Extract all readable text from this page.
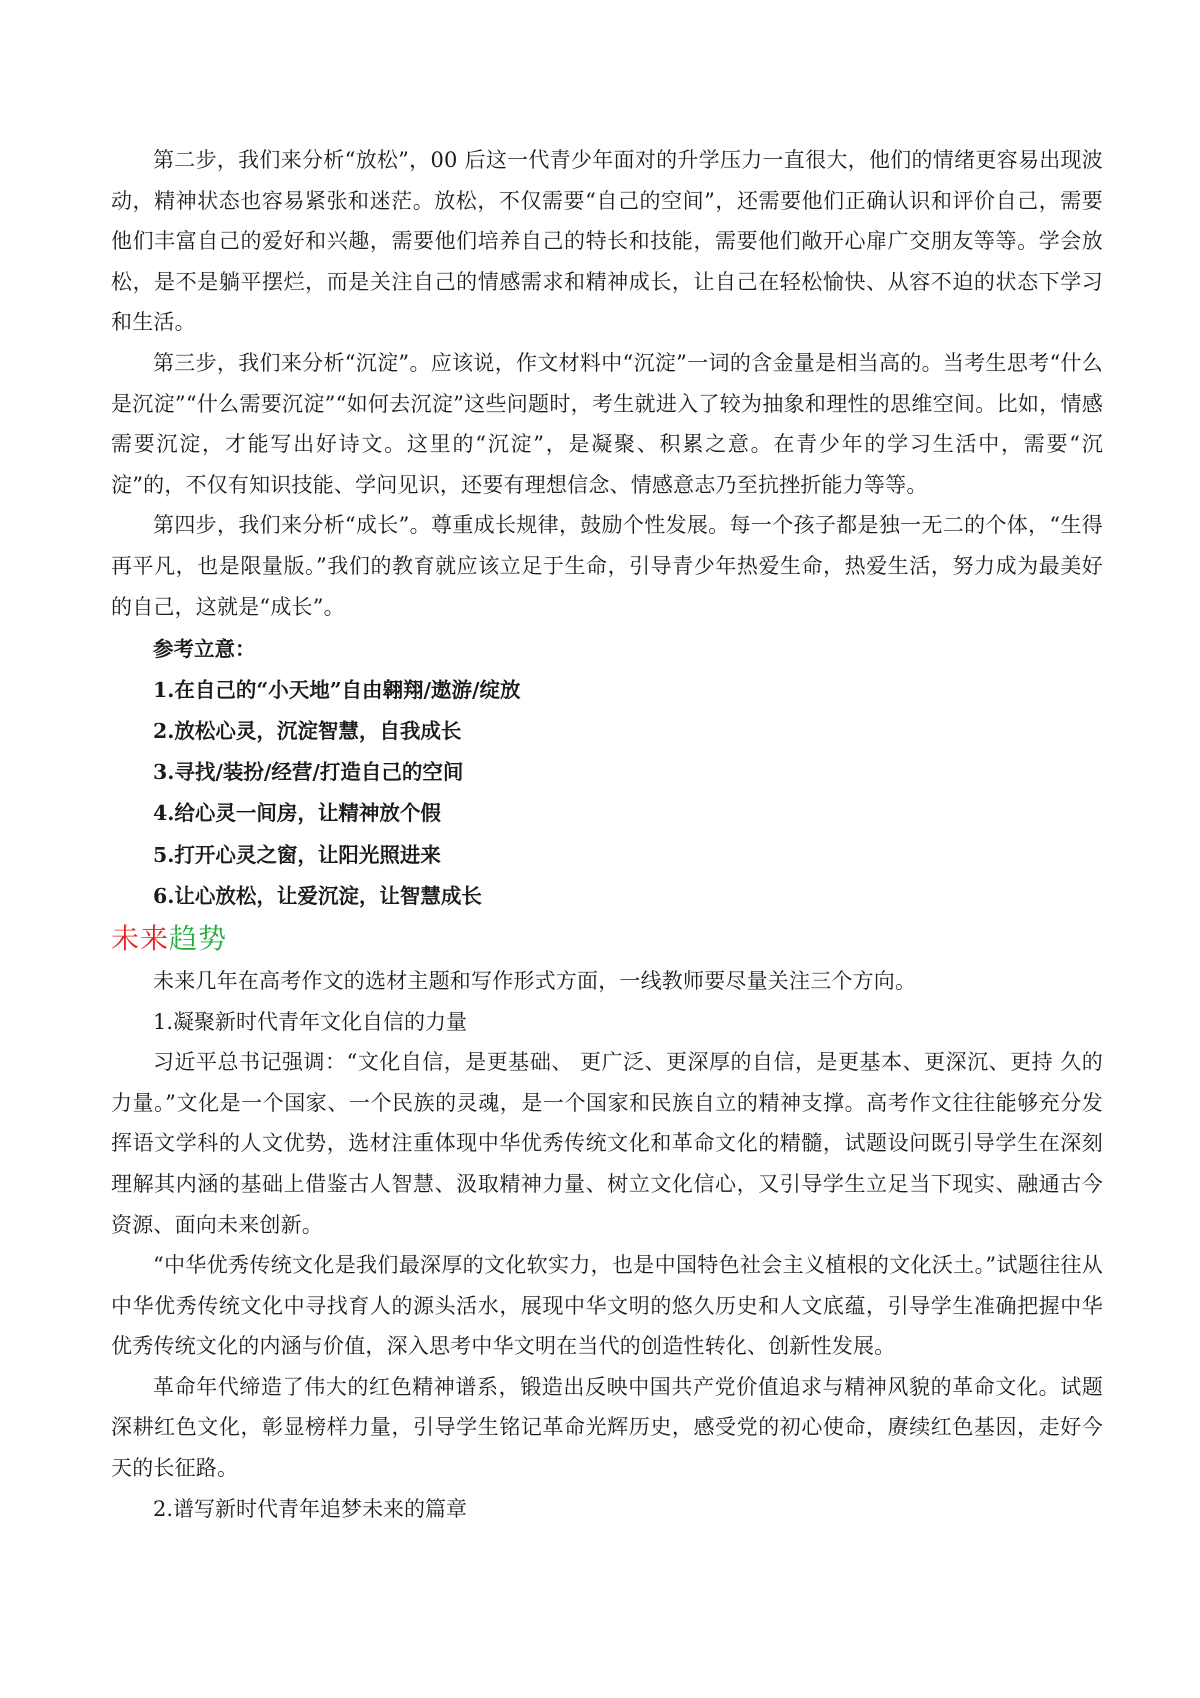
第二步，我们来分析“放松”，00 后这一代青少年面对的升学压力一直很大，他们的情绪更容易出现波动，精神状态也容易紧张和迷茫。放松，不仅需要“自己的空间”，还需要他们正确认识和评价自己，需要他们丰富自己的爱好和兴趣，需要他们培养自己的特长和技能，需要他们敞开心扉广交朋友等等。学会放松，是不是躺平摆烂，而是关注自己的情感需求和精神成长，让自己在轻松愉快、从容不迫的状态下学习和生活。

第三步，我们来分析“沉淀”。应该说，作文材料中“沉淀”一词的含金量是相当高的。当考生思考“什么是沉淀”“什么需要沉淀”“如何去沉淀”这些问题时，考生就进入了较为抽象和理性的思维空间。比如，情感需要沉淀，才能写出好诗文。这里的“沉淀”，是凝聚、积累之意。在青少年的学习生活中，需要“沉淀”的，不仅有知识技能、学问见识，还要有理想信念、情感意志乃至抗挫折能力等等。

第四步，我们来分析“成长”。尊重成长规律，鼓励个性发展。每一个孩子都是独一无二的个体，“生得再平凡，也是限量版。”我们的教育就应该立足于生命，引导青少年热爱生命，热爱生活，努力成为最美好的自己，这就是“成长”。

参考立意：

1.在自己的“小天地”自由翱翔/遨游/绽放

2.放松心灵，沉淀智慧，自我成长

3.寻找/装扮/经营/打造自己的空间

4.给心灵一间房，让精神放个假

5.打开心灵之窗，让阳光照进来

6.让心放松，让爱沉淀，让智慧成长

未来趋势

未来几年在高考作文的选材主题和写作形式方面，一线教师要尽量关注三个方向。

1.凝聚新时代青年文化自信的力量

习近平总书记强调：“文化自信，是更基础、 更广泛、更深厚的自信，是更基本、更深沉、更持 久的力量。”文化是一个国家、一个民族的灵魂，是一个国家和民族自立的精神支撑。高考作文往往能够充分发挥语文学科的人文优势，选材注重体现中华优秀传统文化和革命文化的精髓，试题设问既引导学生在深刻理解其内涵的基础上借鉴古人智慧、汲取精神力量、树立文化信心，又引导学生立足当下现实、融通古今资源、面向未来创新。

“中华优秀传统文化是我们最深厚的文化软实力，也是中国特色社会主义植根的文化沃土。”试题往往从中华优秀传统文化中寻找育人的源头活水，展现中华文明的悠久历史和人文底蕴，引导学生准确把握中华优秀传统文化的内涵与价值，深入思考中华文明在当代的创造性转化、创新性发展。

革命年代缔造了伟大的红色精神谱系，锻造出反映中国共产党价值追求与精神风貌的革命文化。试题深耕红色文化，彰显榜样力量，引导学生铭记革命光辉历史，感受党的初心使命，赓续红色基因，走好今天的长征路。

2.谱写新时代青年追梦未来的篇章
